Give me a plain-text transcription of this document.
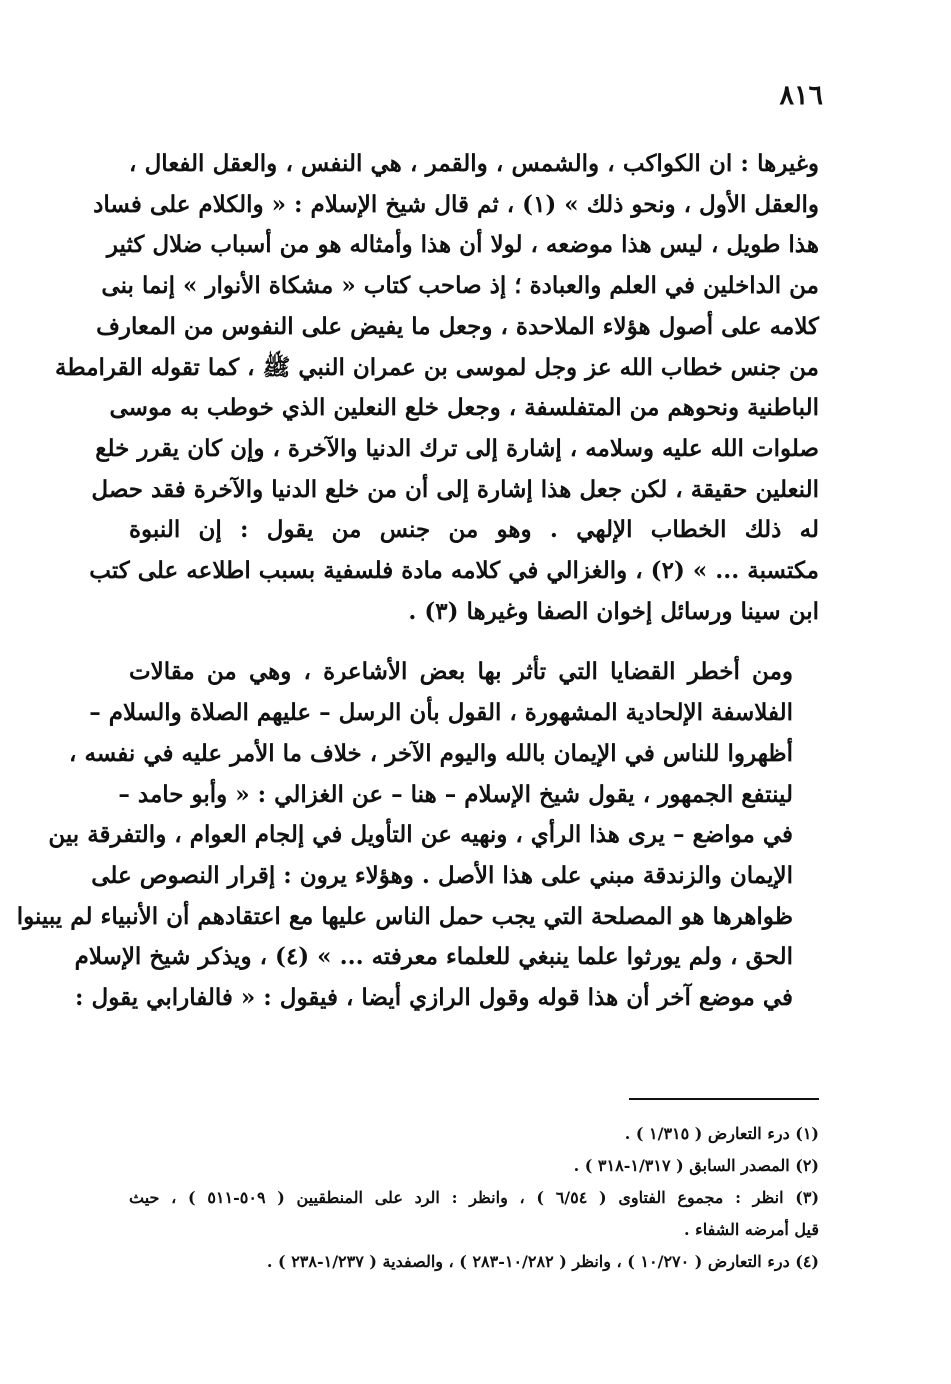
٨١٦

وغيرها : ان الكواكب ، والشمس ، والقمر ، هي النفس ، والعقل الفعال ،
والعقل الأول ، ونحو ذلك » (١) ، ثم قال شيخ الإسلام : « والكلام على فساد
هذا طويل ، ليس هذا موضعه ، لولا أن هذا وأمثاله هو من أسباب ضلال كثير
من الداخلين في العلم والعبادة ؛ إذ صاحب كتاب « مشكاة الأنوار » إنما بنى
كلامه على أصول هؤلاء الملاحدة ، وجعل ما يفيض على النفوس من المعارف
من جنس خطاب الله عز وجل لموسى بن عمران النبي ﷺ ، كما تقوله القرامطة
الباطنية ونحوهم من المتفلسفة ، وجعل خلع النعلين الذي خوطب به موسى
صلوات الله عليه وسلامه ، إشارة إلى ترك الدنيا والآخرة ، وإن كان يقرر خلع
النعلين حقيقة ، لكن جعل هذا إشارة إلى أن من خلع الدنيا والآخرة فقد حصل
له ذلك الخطاب الإلهي . وهو من جنس من يقول : إن النبوة
مكتسبة ... » (٢) ، والغزالي في كلامه مادة فلسفية بسبب اطلاعه على كتب
ابن سينا ورسائل إخوان الصفا وغيرها (٣) .

ومن أخطر القضايا التي تأثر بها بعض الأشاعرة ، وهي من مقالات
الفلاسفة الإلحادية المشهورة ، القول بأن الرسل – عليهم الصلاة والسلام –
أظهروا للناس في الإيمان بالله واليوم الآخر ، خلاف ما الأمر عليه في نفسه ،
لينتفع الجمهور ، يقول شيخ الإسلام – هنا – عن الغزالي : « وأبو حامد –
في مواضع – يرى هذا الرأي ، ونهيه عن التأويل في إلجام العوام ، والتفرقة بين
الإيمان والزندقة مبني على هذا الأصل . وهؤلاء يرون : إقرار النصوص على
ظواهرها هو المصلحة التي يجب حمل الناس عليها مع اعتقادهم أن الأنبياء لم يبينوا
الحق ، ولم يورثوا علما ينبغي للعلماء معرفته ... » (٤) ، ويذكر شيخ الإسلام
في موضع آخر أن هذا قوله وقول الرازي أيضا ، فيقول : « فالفارابي يقول :

(١) درء التعارض ( ١/٣١٥ ) .
(٢) المصدر السابق ( ١/٣١٧-٣١٨ ) .
(٣) انظر : مجموع الفتاوى ( ٦/٥٤ ) ، وانظر : الرد على المنطقيين ( ٥٠٩-٥١١ ) ، حيث
قيل أمرضه الشفاء .
(٤) درء التعارض ( ١٠/٢٧٠ ) ، وانظر ( ١٠/٢٨٢-٢٨٣ ) ، والصفدية ( ١/٢٣٧-٢٣٨ ) .
